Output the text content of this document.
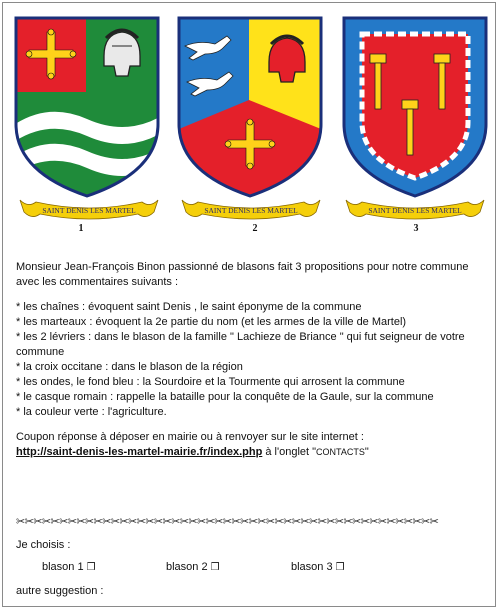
SAINT DENIS LES MARTEL	SAINT DENIS LES MARTEL	SAINT DENIS LES MARTEL
1	2	3
Monsieur Jean-François Binon passionné de blasons fait 3 propositions pour notre commune
avec les commentaires suivants :
* les chaînes : évoquent saint Denis , le saint éponyme de la commune
* les marteaux : évoquent la 2e partie du nom (et les armes de la ville de Martel)
* les 2 lévriers : dans le blason de la famille " Lachieze de Briance " qui fut seigneur de votre
commune
* la croix occitane : dans le blason de la région
* les ondes, le fond bleu : la Sourdoire et la Tourmente qui arrosent la commune
* le casque romain : rappelle la bataille pour la conquête de la Gaule, sur la commune
* la couleur verte : l'agriculture.
Coupon réponse à déposer en mairie ou à renvoyer sur le site internet :
http://saint-denis-les-martel-mairie.fr/index.php à l'onglet "CONTACTS"
✂✂✂✂✂✂✂✂✂✂✂✂✂✂✂✂✂✂✂✂✂✂✂✂✂✂✂✂✂✂✂✂✂✂✂✂✂✂✂✂✂✂✂✂✂✂✂✂✂
Je choisis :
blason 1 ❒	blason 2 ❒	blason 3 ❒
autre suggestion :
